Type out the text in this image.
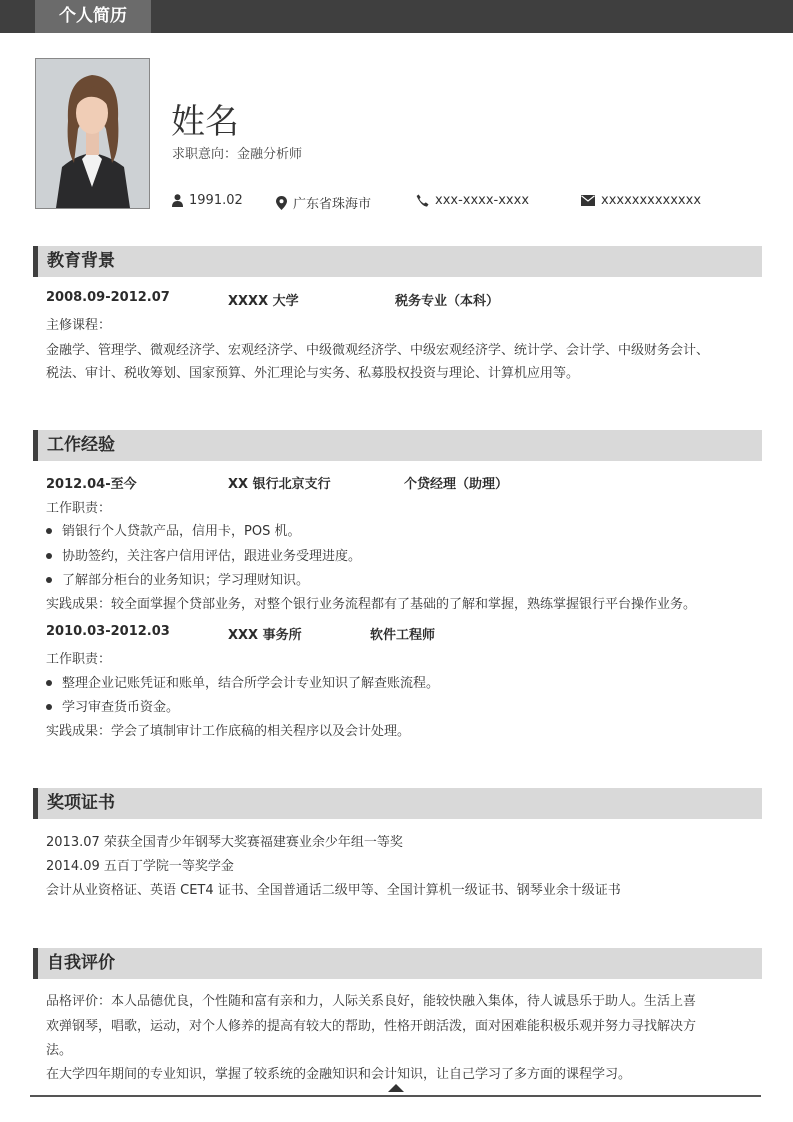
个人简历
姓名
求职意向：金融分析师
1991.02	广东省珠海市	xxx-xxxx-xxxx	xxxxxxxxxxxxx
教育背景
2008.09-2012.07	XXXX 大学	税务专业（本科）
主修课程：
金融学、管理学、微观经济学、宏观经济学、中级微观经济学、中级宏观经济学、统计学、会计学、中级财务会计、
税法、审计、税收筹划、国家预算、外汇理论与实务、私募股权投资与理论、计算机应用等。
工作经验
2012.04-至今	XX 银行北京支行	个贷经理（助理）
工作职责：
销银行个人贷款产品，信用卡，POS 机。
协助签约，关注客户信用评估，跟进业务受理进度。
了解部分柜台的业务知识；学习理财知识。
实践成果：较全面掌握个贷部业务，对整个银行业务流程都有了基础的了解和掌握，熟练掌握银行平台操作业务。
2010.03-2012.03	XXX 事务所	软件工程师
工作职责：
整理企业记账凭证和账单，结合所学会计专业知识了解查账流程。
学习审查货币资金。
实践成果：学会了填制审计工作底稿的相关程序以及会计处理。
奖项证书
2013.07 荣获全国青少年钢琴大奖赛福建赛业余少年组一等奖
2014.09 五百丁学院一等奖学金
会计从业资格证、英语 CET4 证书、全国普通话二级甲等、全国计算机一级证书、钢琴业余十级证书
自我评价
品格评价：本人品德优良，个性随和富有亲和力，人际关系良好，能较快融入集体，待人诚恳乐于助人。生活上喜
欢弹钢琴，唱歌，运动，对个人修养的提高有较大的帮助，性格开朗活泼，面对困难能积极乐观并努力寻找解决方
法。
在大学四年期间的专业知识，掌握了较系统的金融知识和会计知识，让自己学习了多方面的课程学习。
